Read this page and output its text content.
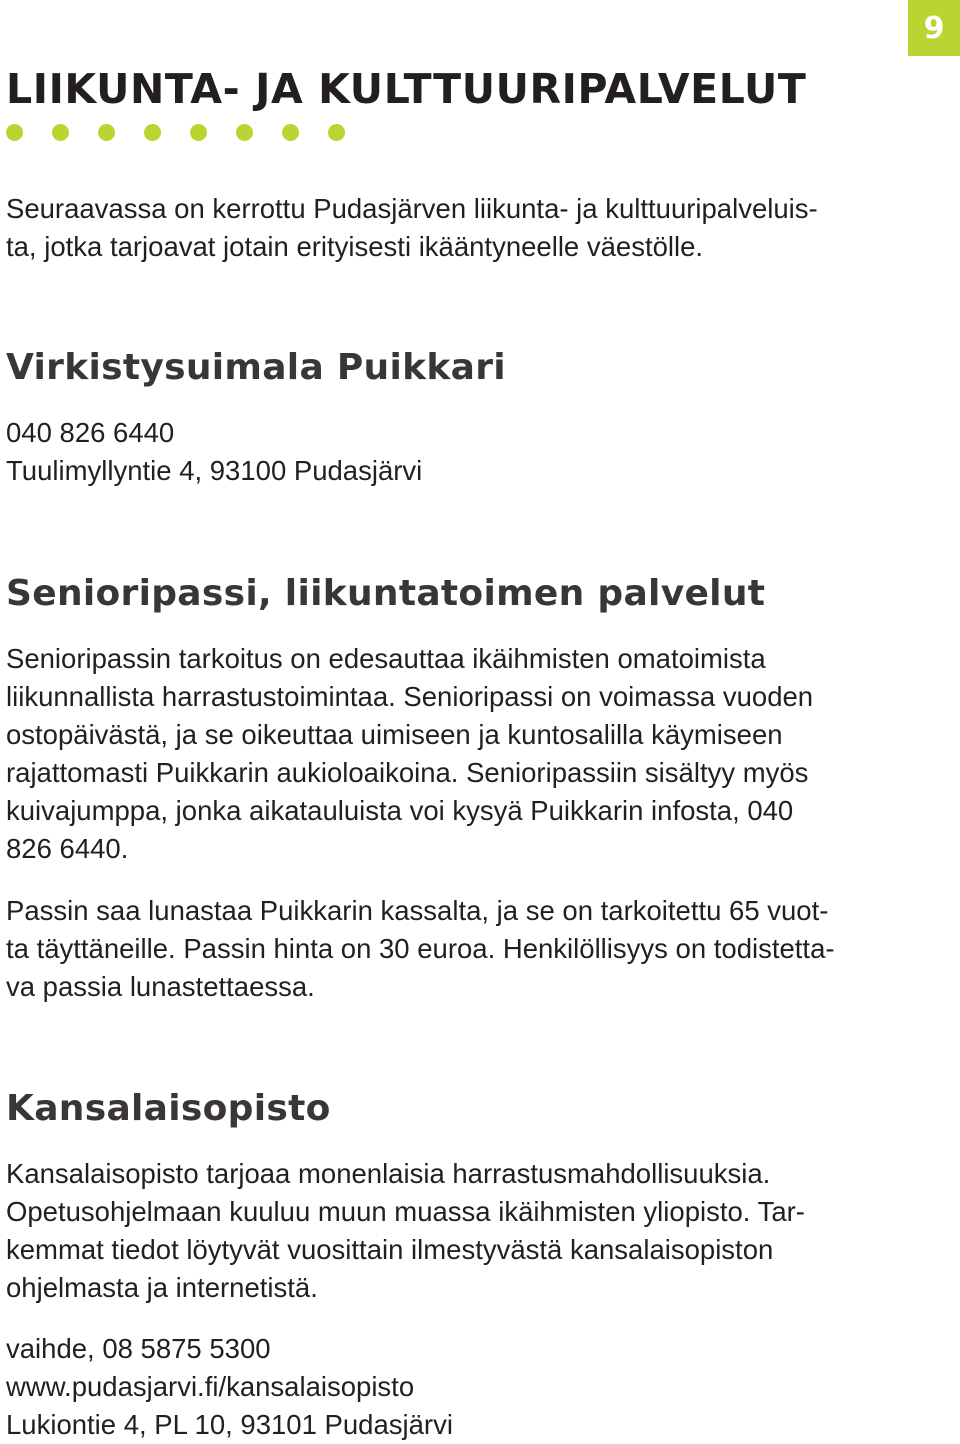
9
LIIKUNTA- JA KULTTUURIPALVELUT

Seuraavassa on kerrottu Pudasjärven liikunta- ja kulttuuripalveluis-
ta, jotka tarjoavat jotain erityisesti ikääntyneelle väestölle.

Virkistysuimala Puikkari

040 826 6440
Tuulimyllyntie 4, 93100 Pudasjärvi

Senioripassi, liikuntatoimen palvelut

Senioripassin tarkoitus on edesauttaa ikäihmisten omatoimista
liikunnallista harrastustoimintaa. Senioripassi on voimassa vuoden
ostopäivästä, ja se oikeuttaa uimiseen ja kuntosalilla käymiseen
rajattomasti Puikkarin aukioloaikoina. Senioripassiin sisältyy myös
kuivajumppa, jonka aikatauluista voi kysyä Puikkarin infosta, 040
826 6440.

Passin saa lunastaa Puikkarin kassalta, ja se on tarkoitettu 65 vuot-
ta täyttäneille. Passin hinta on 30 euroa. Henkilöllisyys on todistetta-
va passia lunastettaessa.

Kansalaisopisto

Kansalaisopisto tarjoaa monenlaisia harrastusmahdollisuuksia.
Opetusohjelmaan kuuluu muun muassa ikäihmisten yliopisto. Tar-
kemmat tiedot löytyvät vuosittain ilmestyvästä kansalaisopiston
ohjelmasta ja internetistä.

vaihde, 08 5875 5300
www.pudasjarvi.fi/kansalaisopisto
Lukiontie 4, PL 10, 93101 Pudasjärvi
